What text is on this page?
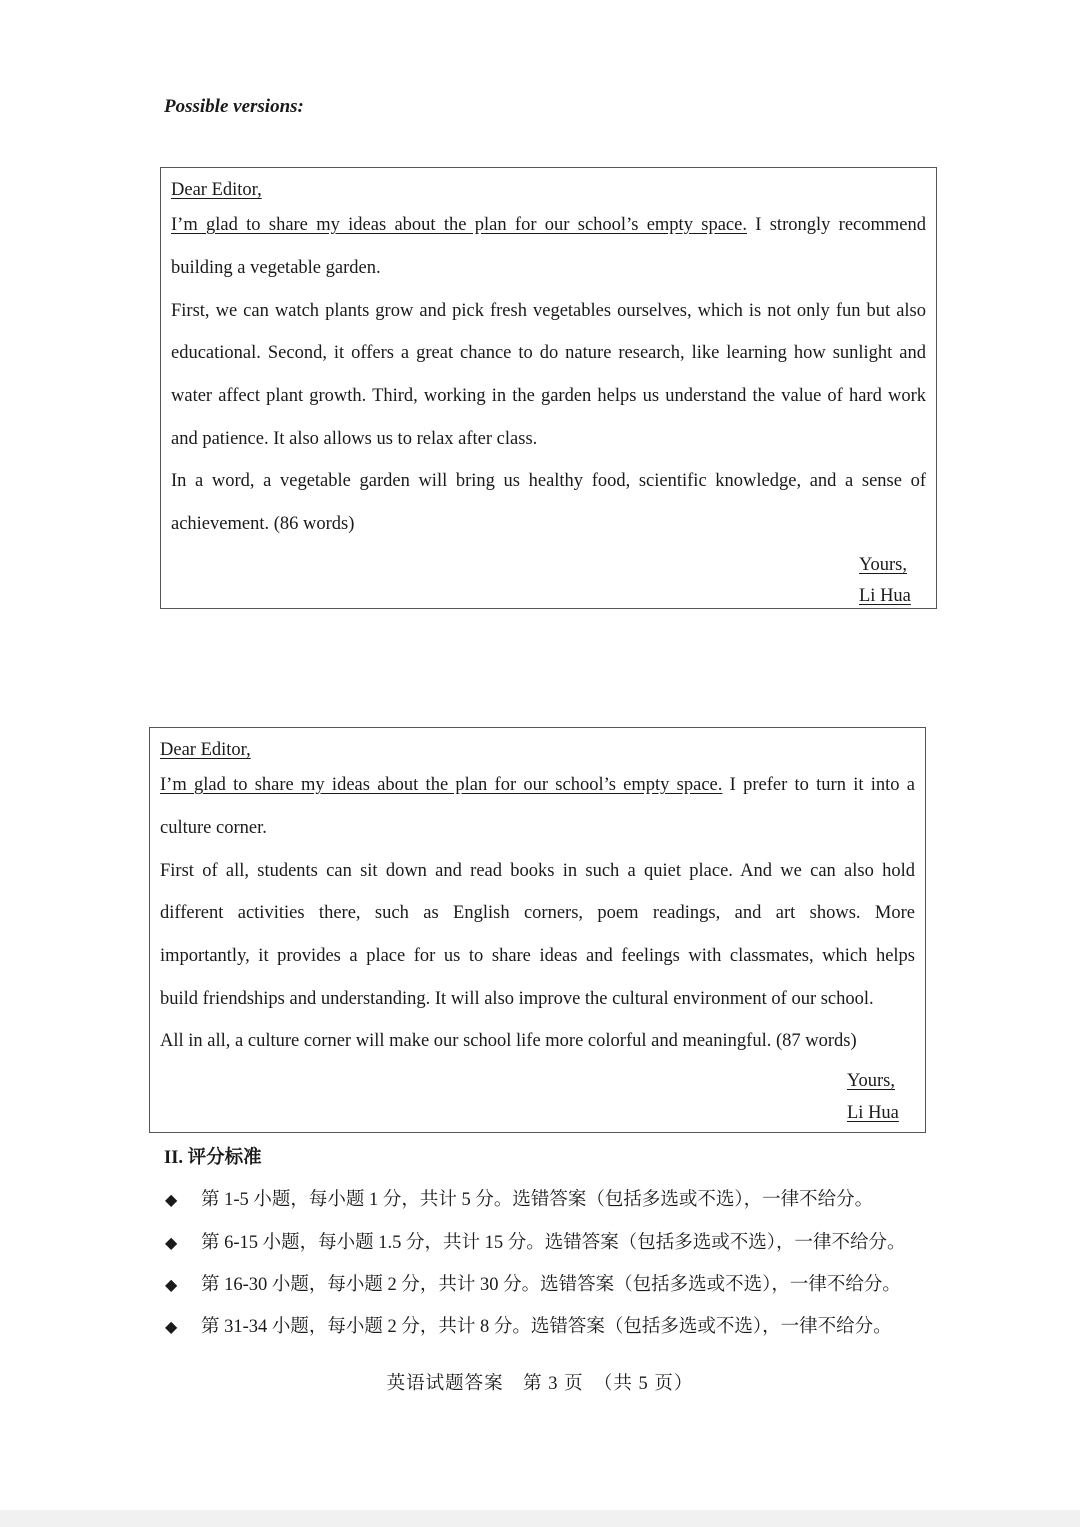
Possible versions:
Dear Editor,
I’m glad to share my ideas about the plan for our school’s empty space. I strongly recommend
building a vegetable garden.
First, we can watch plants grow and pick fresh vegetables ourselves, which is not only fun but also
educational. Second, it offers a great chance to do nature research, like learning how sunlight and
water affect plant growth. Third, working in the garden helps us understand the value of hard work
and patience. It also allows us to relax after class.
In a word, a vegetable garden will bring us healthy food, scientific knowledge, and a sense of
achievement. (86 words)
Yours,
Li Hua
Dear Editor,
I’m glad to share my ideas about the plan for our school’s empty space. I prefer to turn it into a
culture corner.
First of all, students can sit down and read books in such a quiet place. And we can also hold
different activities there, such as English corners, poem readings, and art shows. More
importantly, it provides a place for us to share ideas and feelings with classmates, which helps
build friendships and understanding. It will also improve the cultural environment of our school.
All in all, a culture corner will make our school life more colorful and meaningful. (87 words)
Yours,
Li Hua
II. 评分标准
◆ 第 1-5 小题，每小题 1 分，共计 5 分。选错答案（包括多选或不选），一律不给分。
◆ 第 6-15 小题，每小题 1.5 分，共计 15 分。选错答案（包括多选或不选），一律不给分。
◆ 第 16-30 小题，每小题 2 分，共计 30 分。选错答案（包括多选或不选），一律不给分。
◆ 第 31-34 小题，每小题 2 分，共计 8 分。选错答案（包括多选或不选），一律不给分。
英语试题答案　第 3 页　（共 5 页）
